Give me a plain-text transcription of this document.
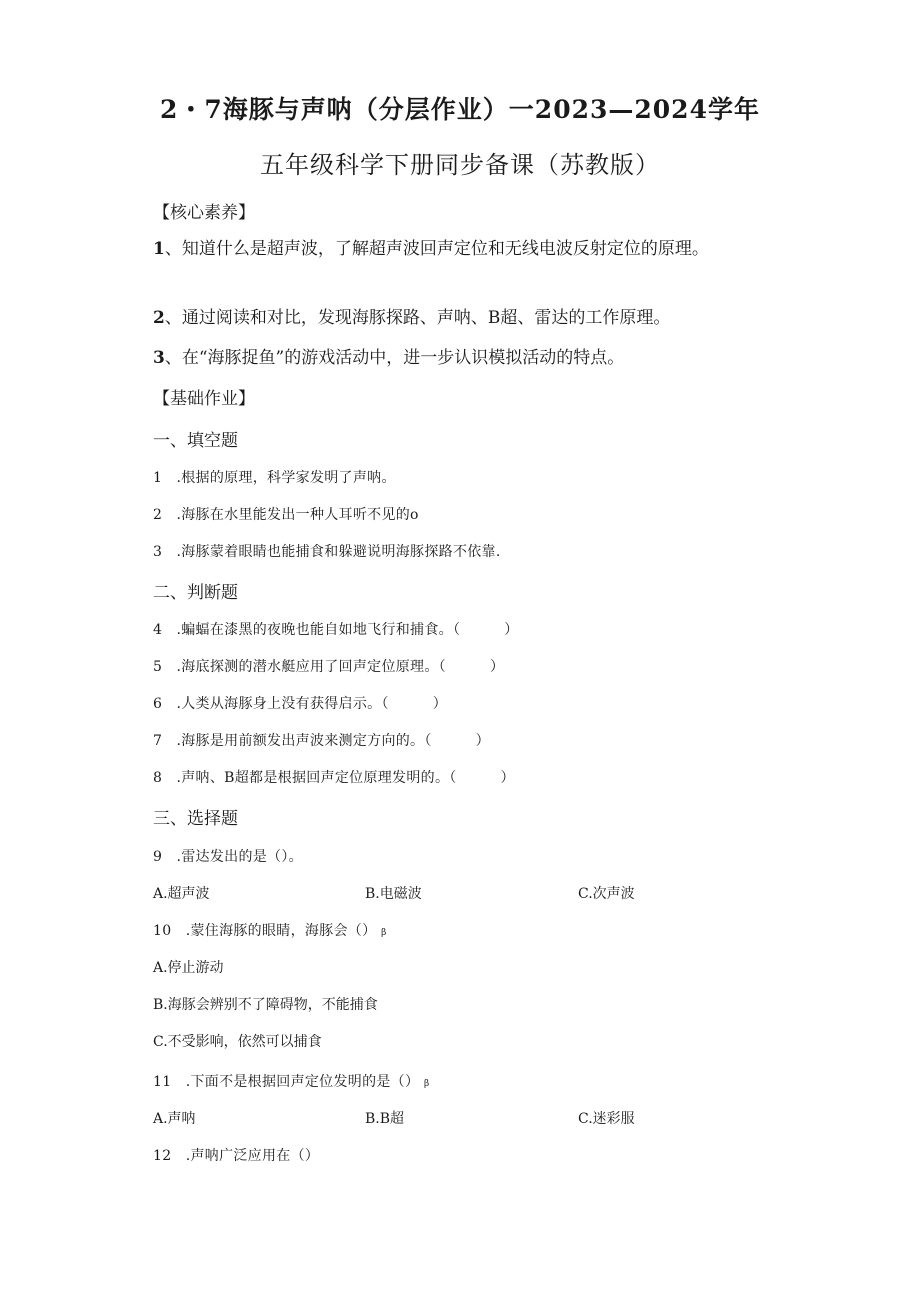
2・7海豚与声呐（分层作业）一2023—2024学年
五年级科学下册同步备课（苏教版）
【核心素养】
1、知道什么是超声波，了解超声波回声定位和无线电波反射定位的原理。
2、通过阅读和对比，发现海豚探路、声呐、B超、雷达的工作原理。
3、在“海豚捉鱼”的游戏活动中，进一步认识模拟活动的特点。
【基础作业】
一、填空题
1　.根据的原理，科学家发明了声呐。
2　.海豚在水里能发出一种人耳听不见的o
3　.海豚蒙着眼睛也能捕食和躲避说明海豚探路不依靠.
二、判断题
4　.蝙蝠在漆黑的夜晚也能自如地飞行和捕食。（	）
5　.海底探测的潜水艇应用了回声定位原理。（	）
6　.人类从海豚身上没有获得启示。（	）
7　.海豚是用前额发出声波来测定方向的。（	）
8　.声呐、B超都是根据回声定位原理发明的。（	）
三、选择题
9　.雷达发出的是（）。
A.超声波	B.电磁波	C.次声波
10　.蒙住海豚的眼睛，海豚会（） β
A.停止游动
B.海豚会辨别不了障碍物，不能捕食
C.不受影响，依然可以捕食
11　.下面不是根据回声定位发明的是（） β
A.声呐	B.B超	C.迷彩服
12　.声呐广泛应用在（）
